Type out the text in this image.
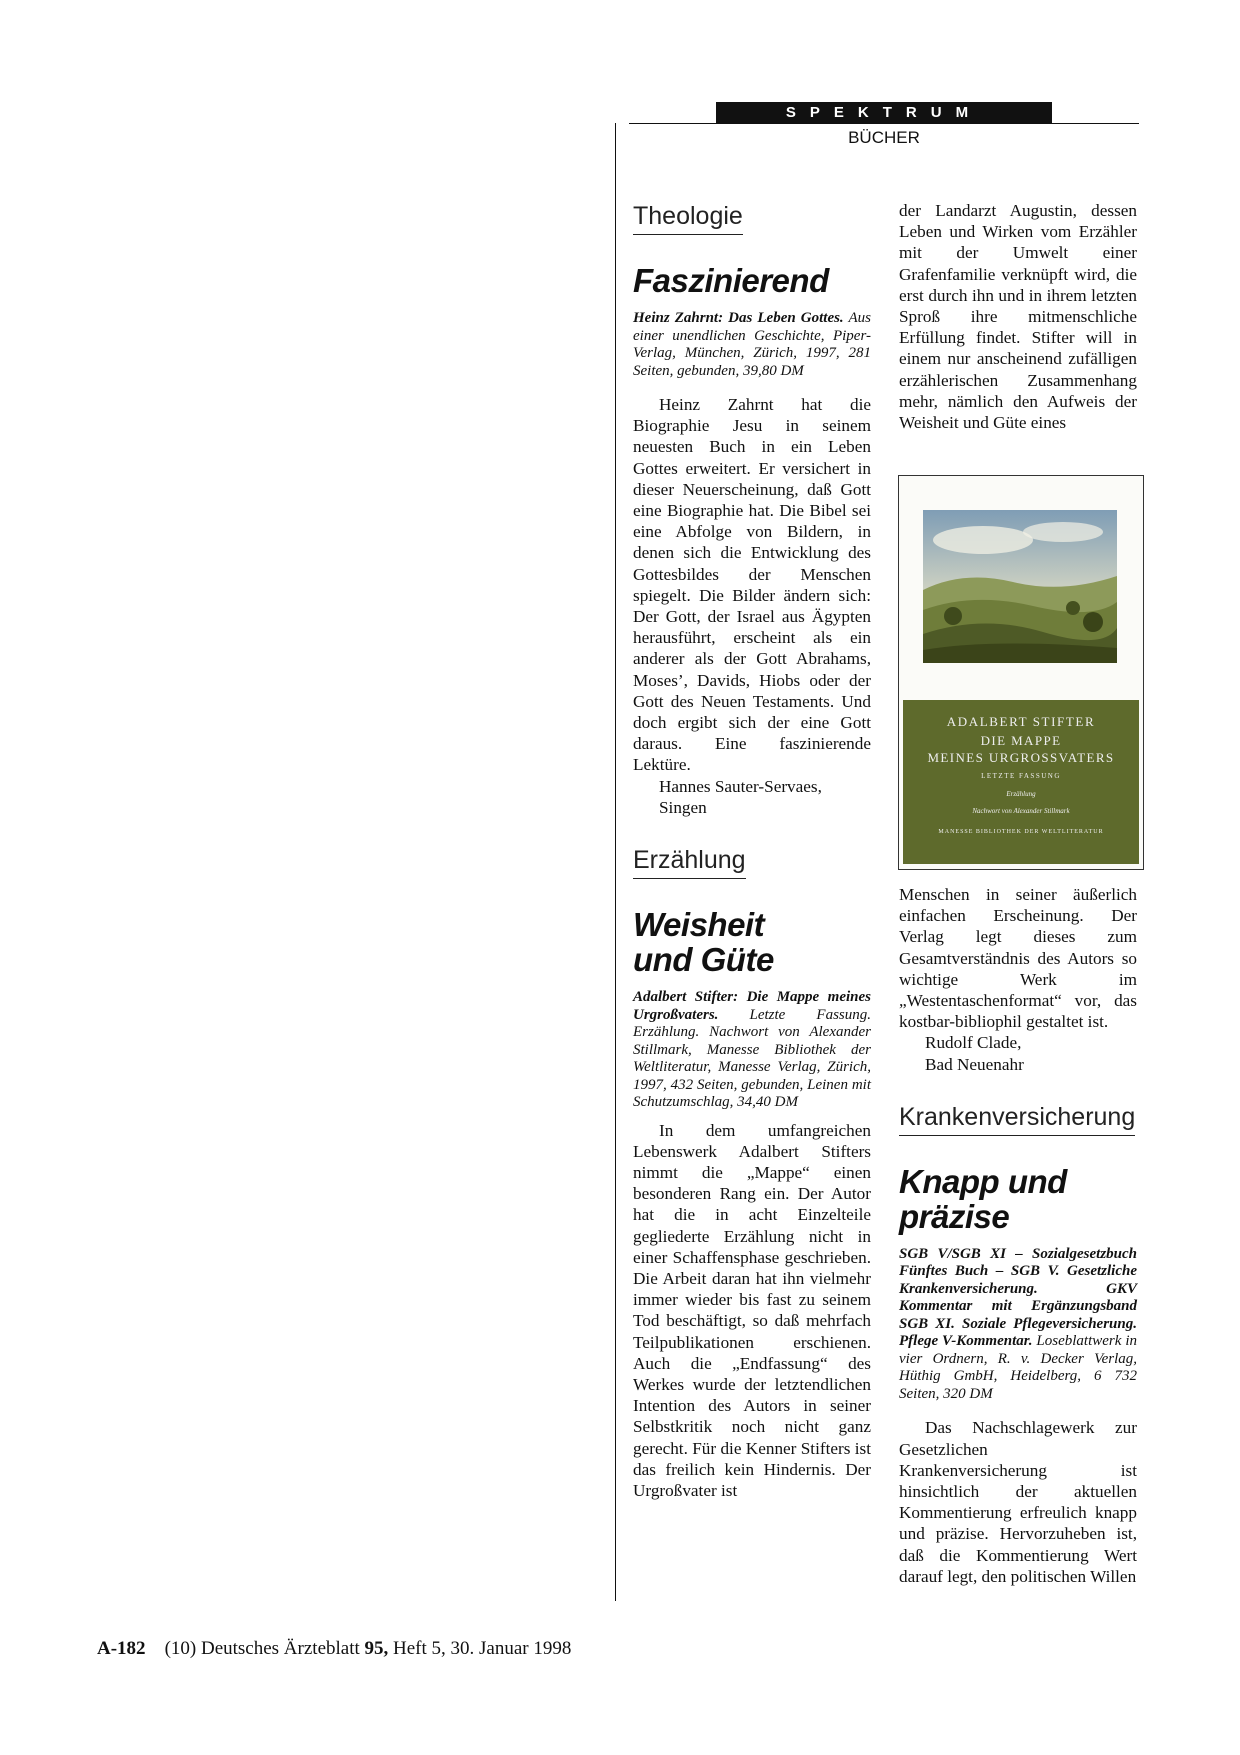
SPEKTRUM
BÜCHER
Theologie
Faszinierend

Heinz Zahrnt: Das Leben Gottes. Aus einer unendlichen Geschichte, Piper-Verlag, München, Zürich, 1997, 281 Seiten, gebunden, 39,80 DM

Heinz Zahrnt hat die Biographie Jesu in seinem neuesten Buch in ein Leben Gottes erweitert. Er versichert in dieser Neuerscheinung, daß Gott eine Biographie hat. Die Bibel sei eine Abfolge von Bildern, in denen sich die Entwicklung des Gottesbildes der Menschen spiegelt. Die Bilder ändern sich: Der Gott, der Israel aus Ägypten herausführt, erscheint als ein anderer als der Gott Abrahams, Moses’, Davids, Hiobs oder der Gott des Neuen Testaments. Und doch ergibt sich der eine Gott daraus. Eine faszinierende Lektüre.

Hannes Sauter-Servaes,
Singen
Erzählung
Weisheit
und Güte

Adalbert Stifter: Die Mappe meines Urgroßvaters. Letzte Fassung. Erzählung. Nachwort von Alexander Stillmark, Manesse Bibliothek der Weltliteratur, Manesse Verlag, Zürich, 1997, 432 Seiten, gebunden, Leinen mit Schutzumschlag, 34,40 DM

In dem umfangreichen Lebenswerk Adalbert Stifters nimmt die „Mappe“ einen besonderen Rang ein. Der Autor hat die in acht Einzelteile gegliederte Erzählung nicht in einer Schaffensphase geschrieben. Die Arbeit daran hat ihn vielmehr immer wieder bis fast zu seinem Tod beschäftigt, so daß mehrfach Teilpublikationen erschienen. Auch die „Endfassung“ des Werkes wurde der letztendlichen Intention des Autors in seiner Selbstkritik noch nicht ganz gerecht. Für die Kenner Stifters ist das freilich kein Hindernis. Der Urgroßvater ist

der Landarzt Augustin, dessen Leben und Wirken vom Erzähler mit der Umwelt einer Grafenfamilie verknüpft wird, die erst durch ihn und in ihrem letzten Sproß ihre mitmenschliche Erfüllung findet. Stifter will in einem nur anscheinend zufälligen erzählerischen Zusammenhang mehr, nämlich den Aufweis der Weisheit und Güte eines

ADALBERT STIFTER
DIE MAPPE
MEINES URGROSSVATERS
LETZTE FASSUNG
Erzählung
Nachwort von Alexander Stillmark
MANESSE BIBLIOTHEK DER WELTLITERATUR

Menschen in seiner äußerlich einfachen Erscheinung. Der Verlag legt dieses zum Gesamtverständnis des Autors so wichtige Werk im „Westentaschenformat“ vor, das kostbar-bibliophil gestaltet ist.

Rudolf Clade,
Bad Neuenahr
Krankenversicherung
Knapp und
präzise

SGB V/SGB XI – Sozialgesetzbuch Fünftes Buch – SGB V. Gesetzliche Krankenversicherung. GKV Kommentar mit Ergänzungsband SGB XI. Soziale Pflegeversicherung. Pflege V-Kommentar. Loseblattwerk in vier Ordnern, R. v. Decker Verlag, Hüthig GmbH, Heidelberg, 6 732 Seiten, 320 DM

Das Nachschlagewerk zur Gesetzlichen Krankenversicherung ist hinsichtlich der aktuellen Kommentierung erfreulich knapp und präzise. Hervorzuheben ist, daß die Kommentierung Wert darauf legt, den politischen Willen

A-182 (10) Deutsches Ärzteblatt 95, Heft 5, 30. Januar 1998
